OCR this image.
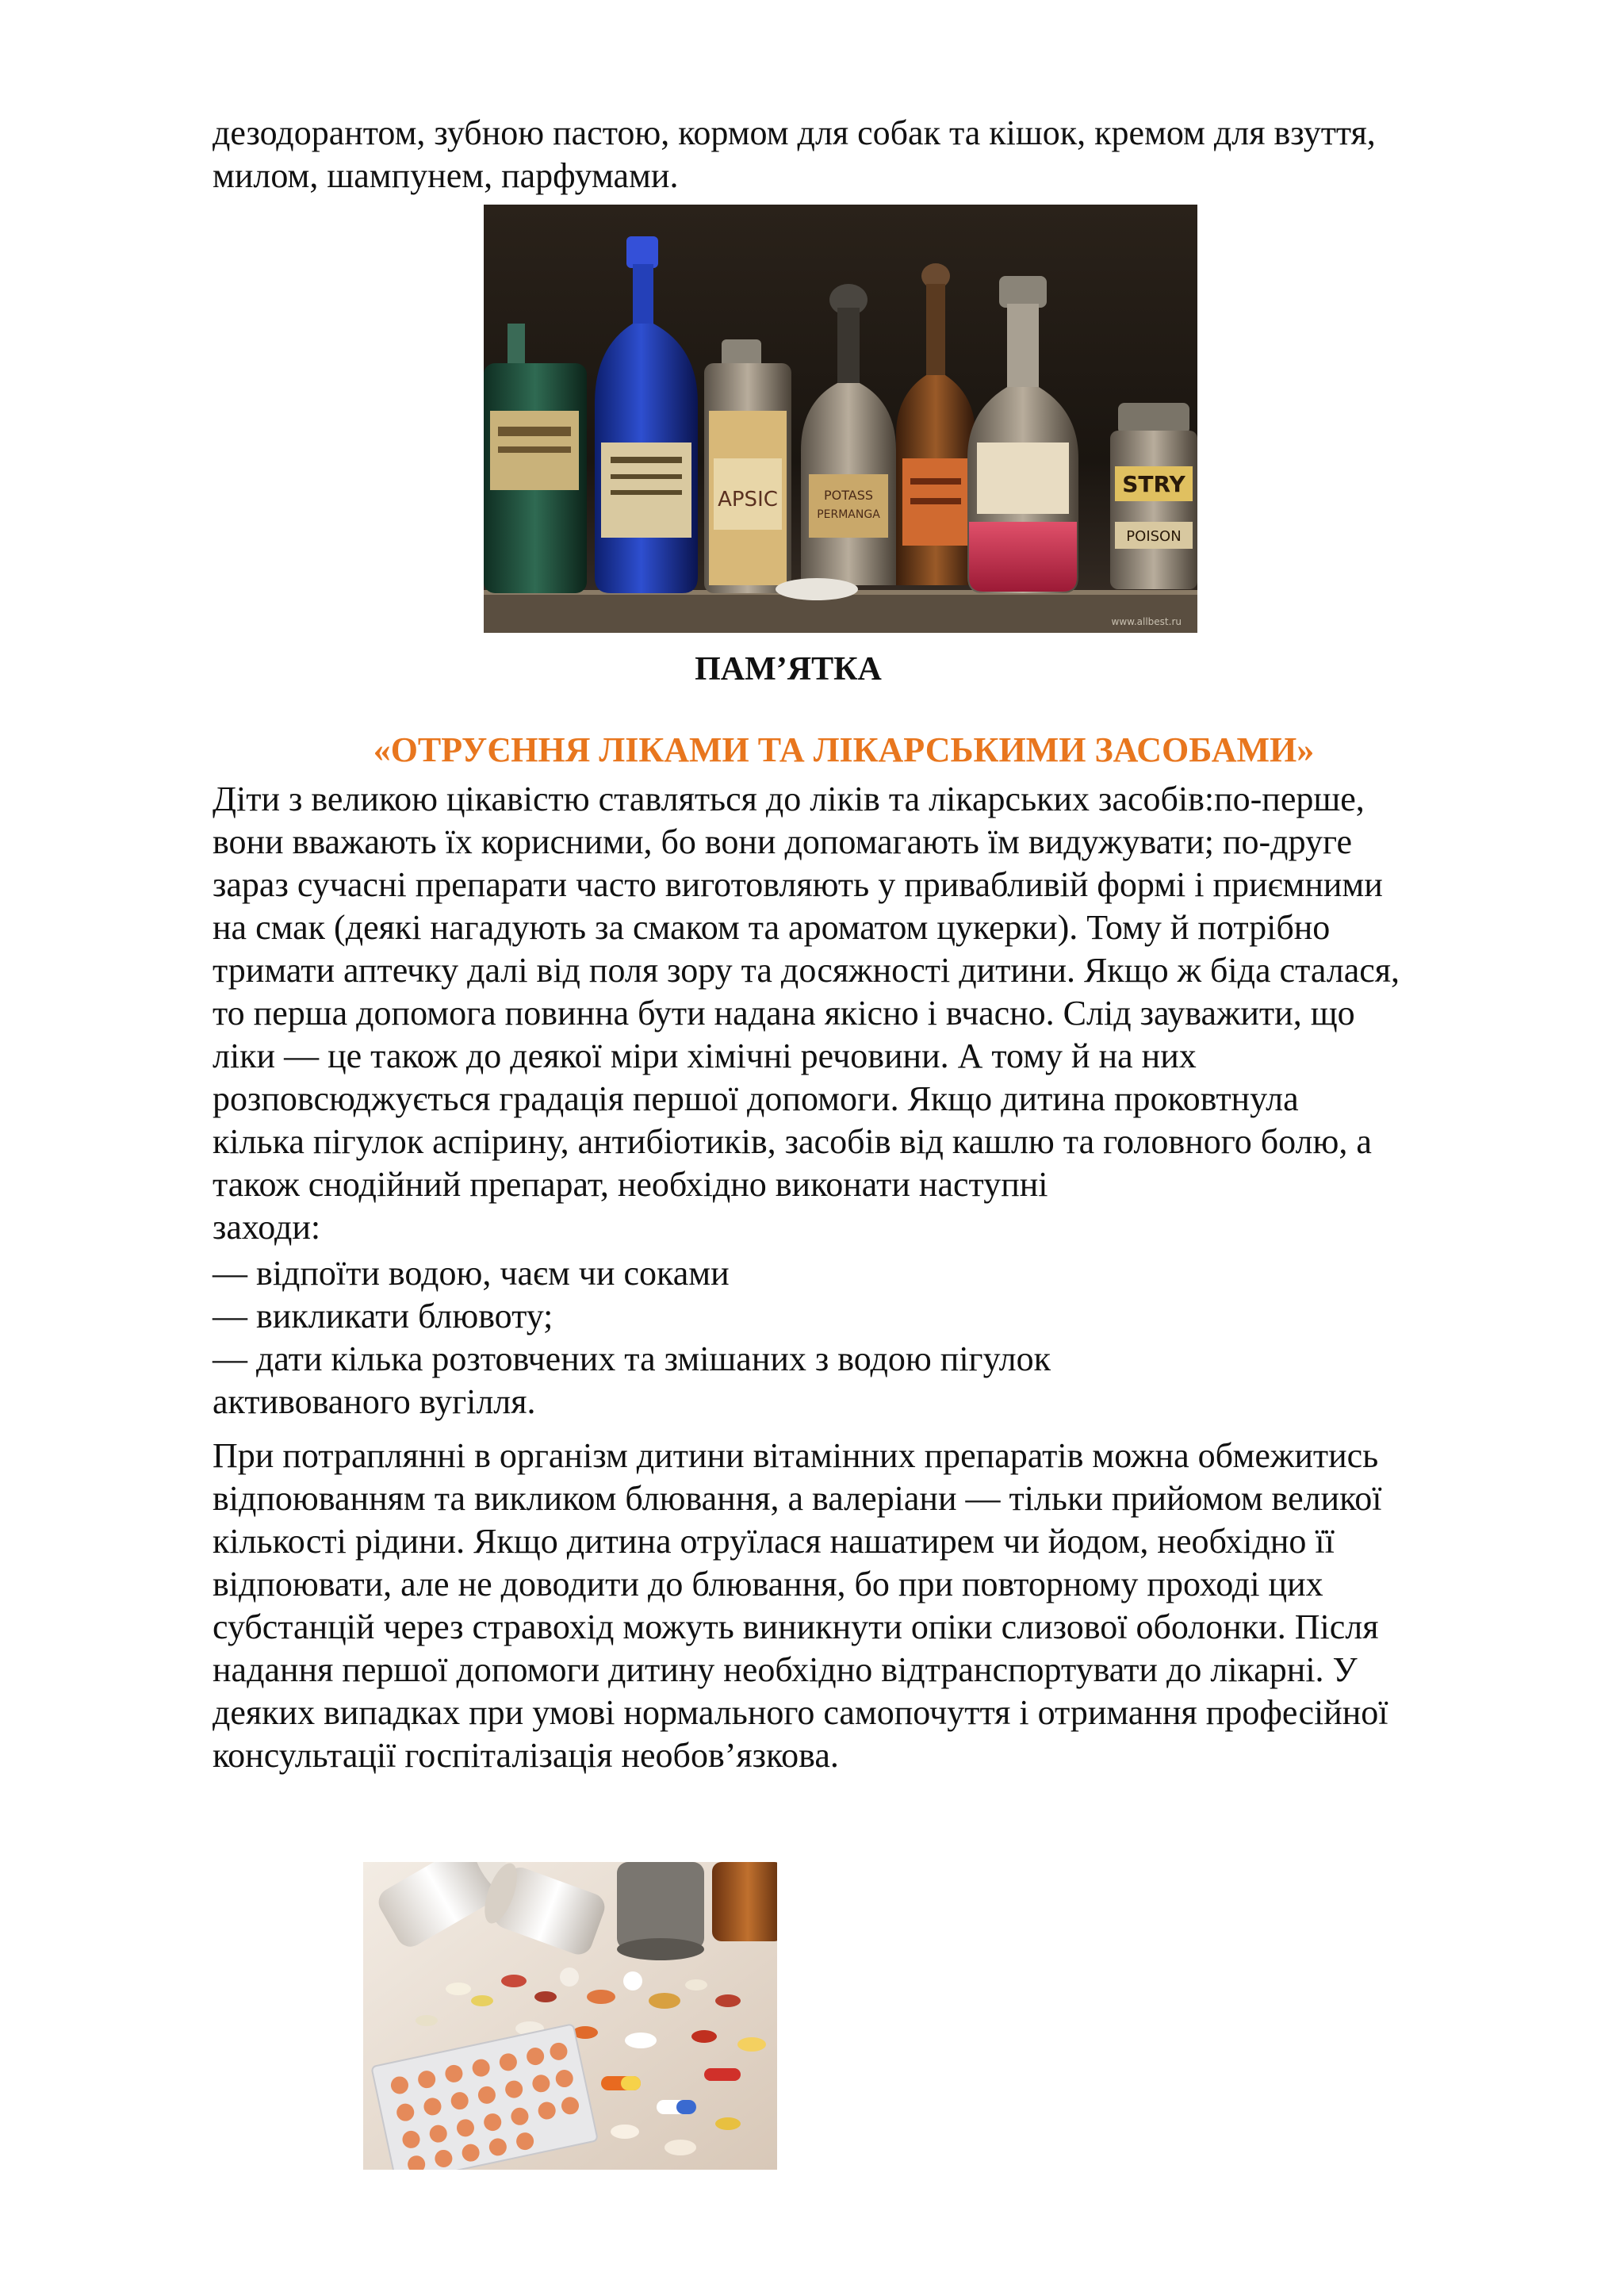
дезодорантом, зубною пастою, кормом для собак та кішок, кремом для взуття,

милом, шампунем, парфумами.

APSIC	POTASS
PERMANGA
STRY
POISON
www.allbest.ru
ПАМ’ЯТКА
«ОТРУЄННЯ ЛІКАМИ ТА ЛІКАРСЬКИМИ ЗАСОБАМИ»

Діти з великою цікавістю ставляться до ліків та лікарських засобів:по-перше,

вони вважають їх корисними, бо вони допомагають їм видужувати; по-друге

зараз сучасні препарати часто виготовляють у привабливій формі і приємними

на смак (деякі нагадують за смаком та ароматом цукерки). Тому й потрібно

тримати аптечку далі від поля зору та досяжності дитини. Якщо ж біда сталася,

то перша допомога повинна бути надана якісно і вчасно. Слід зауважити, що

ліки — це також до деякої міри хімічні речовини. А тому й на них

розповсюджується градація першої допомоги. Якщо дитина проковтнула

кілька пігулок аспірину, антибіотиків, засобів від кашлю та головного болю, а

також снодійний препарат, необхідно виконати наступні

заходи:

— відпоїти водою, чаєм чи соками

— викликати блювоту;

— дати кілька розтовчених та змішаних з водою пігулок

активованого вугілля.

При потраплянні в організм дитини вітамінних препаратів можна обмежитись

відпоюванням та викликом блювання, а валеріани — тільки прийомом великої

кількості рідини. Якщо дитина отруїлася нашатирем чи йодом, необхідно її

відпоювати, але не доводити до блювання, бо при повторному проході цих

субстанцій через стравохід можуть виникнути опіки слизової оболонки. Після

надання першої допомоги дитину необхідно відтранспортувати до лікарні. У

деяких випадках при умові нормального самопочуття і отримання професійної

консультації госпіталізація необов’язкова.
